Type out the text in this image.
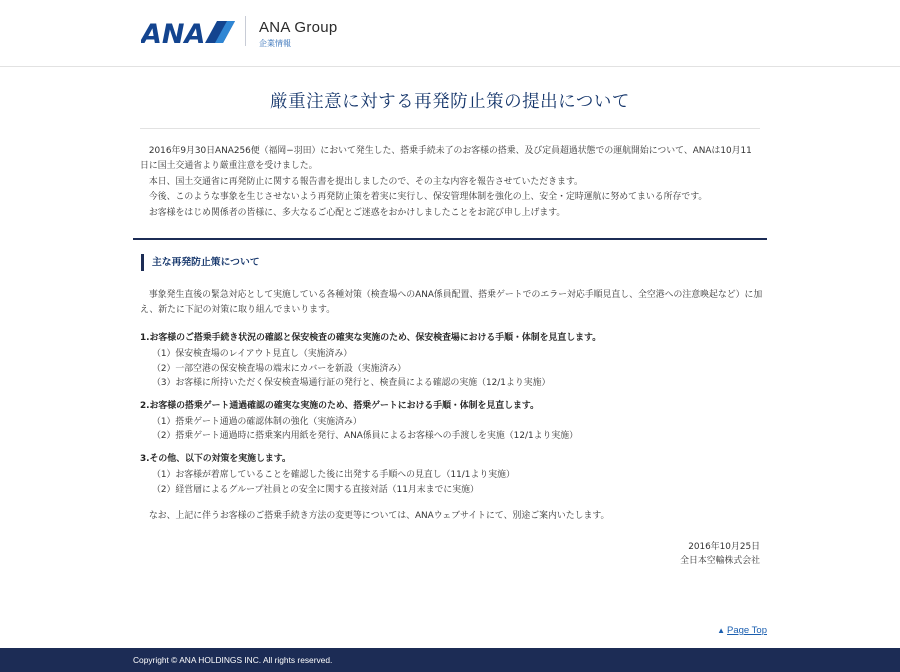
ANA	ANA Group
企業情報
厳重注意に対する再発防止策の提出について

2016年9月30日ANA256便（福岡−羽田）において発生した、搭乗手続未了のお客様の搭乗、及び定員超過状態での運航開始について、ANAは10月11日に国土交通省より厳重注意を受けました。

本日、国土交通省に再発防止に関する報告書を提出しましたので、その主な内容を報告させていただきます。

今後、このような事象を生じさせないよう再発防止策を着実に実行し、保安管理体制を強化の上、安全・定時運航に努めてまいる所存です。

お客様をはじめ関係者の皆様に、多大なるご心配とご迷惑をおかけしましたことをお詫び申し上げます。

主な再発防止策について

事象発生直後の緊急対応として実施している各種対策（検査場へのANA係員配置、搭乗ゲートでのエラー対応手順見直し、全空港への注意喚起など）に加え、新たに下記の対策に取り組んでまいります。

1.お客様のご搭乗手続き状況の確認と保安検査の確実な実施のため、保安検査場における手順・体制を見直します。

（1）保安検査場のレイアウト見直し（実施済み）
（2）一部空港の保安検査場の端末にカバーを新設（実施済み）
（3）お客様に所持いただく保安検査場通行証の発行と、検査員による確認の実施（12/1より実施）

2.お客様の搭乗ゲート通過確認の確実な実施のため、搭乗ゲートにおける手順・体制を見直します。

（1）搭乗ゲート通過の確認体制の強化（実施済み）
（2）搭乗ゲート通過時に搭乗案内用紙を発行、ANA係員によるお客様への手渡しを実施（12/1より実施）

3.その他、以下の対策を実施します。

（1）お客様が着席していることを確認した後に出発する手順への見直し（11/1より実施）
（2）経営層によるグループ社員との安全に関する直接対話（11月末までに実施）

なお、上記に伴うお客様のご搭乗手続き方法の変更等については、ANAウェブサイトにて、別途ご案内いたします。

2016年10月25日
全日本空輸株式会社
▲ Page Top
Copyright © ANA HOLDINGS INC. All rights reserved.
